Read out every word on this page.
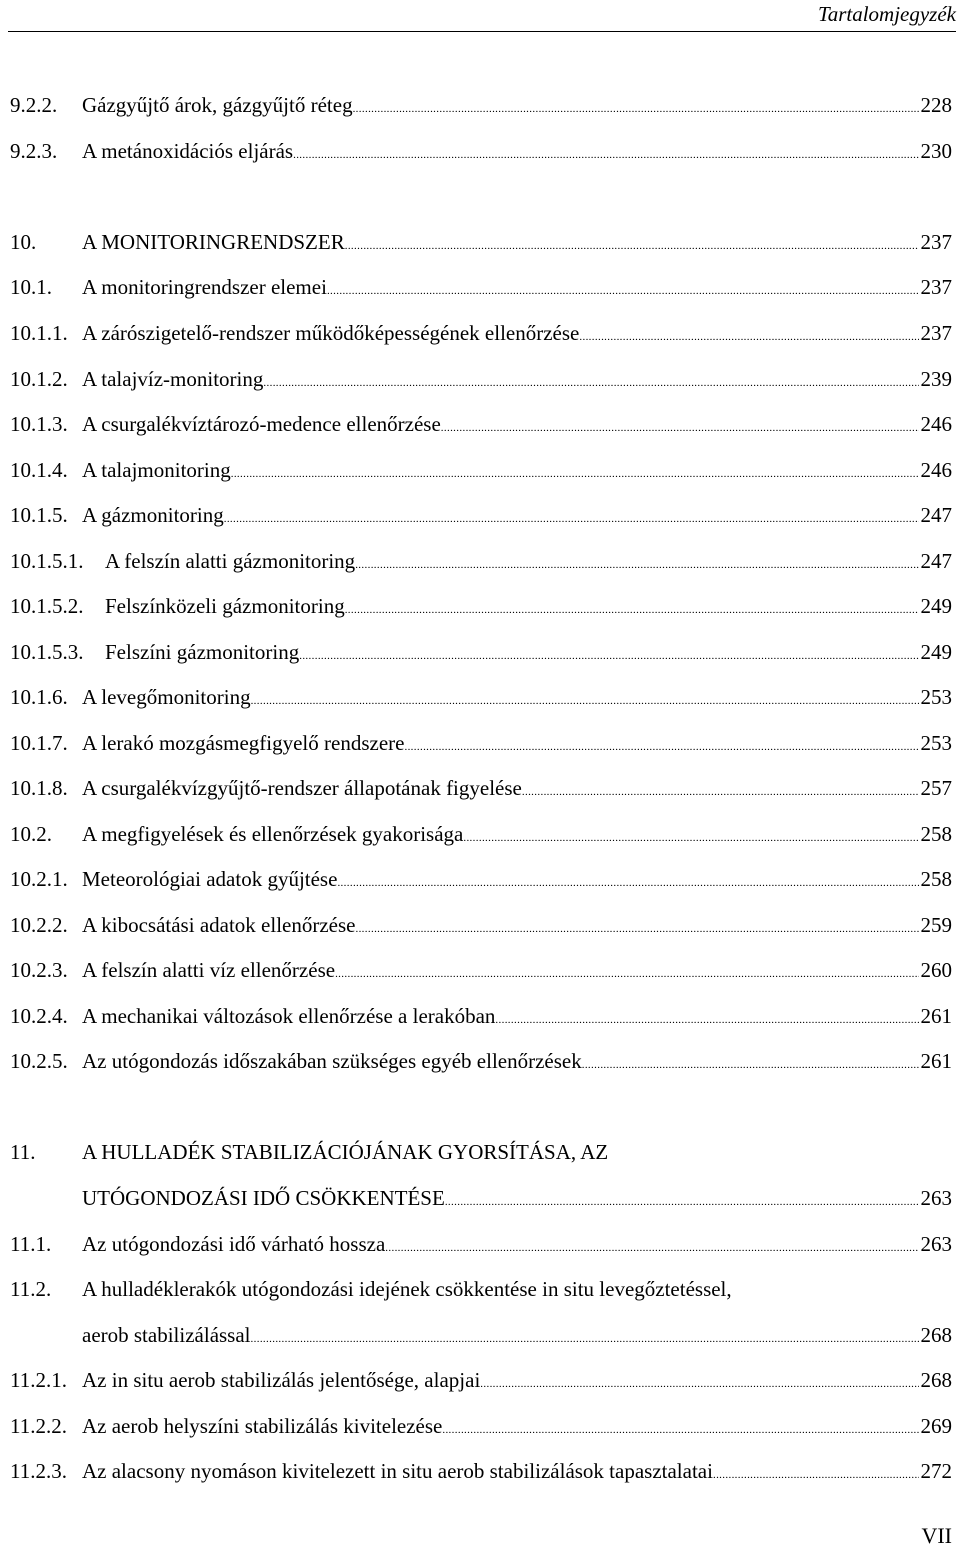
Tartalomjegyzék
9.2.2. Gázgyűjtő árok, gázgyűjtő réteg . . .	228
9.2.3. A metánoxidációs eljárás . . .	230
10. A MONITORINGRENDSZER . . .	237
10.1. A monitoringrendszer elemei . . .	237
10.1.1. A zárószigetelő-rendszer működőképességének ellenőrzése . . .	237
10.1.2. A talajvíz-monitoring . . .	239
10.1.3. A csurgalékvíztározó-medence ellenőrzése . . .	246
10.1.4. A talajmonitoring . . .	246
10.1.5. A gázmonitoring . . .	247
10.1.5.1. A felszín alatti gázmonitoring . . .	247
10.1.5.2. Felszínközeli gázmonitoring . . .	249
10.1.5.3. Felszíni gázmonitoring . . .	249
10.1.6. A levegőmonitoring . . .	253
10.1.7. A lerakó mozgásmegfigyelő rendszere . . .	253
10.1.8. A csurgalékvízgyűjtő-rendszer állapotának figyelése . . .	257
10.2. A megfigyelések és ellenőrzések gyakorisága . . .	258
10.2.1. Meteorológiai adatok gyűjtése . . .	258
10.2.2. A kibocsátási adatok ellenőrzése . . .	259
10.2.3. A felszín alatti víz ellenőrzése . . .	260
10.2.4. A mechanikai változások ellenőrzése a lerakóban . . .	261
10.2.5. Az utógondozás időszakában szükséges egyéb ellenőrzések . . .	261
11. A HULLADÉK STABILIZÁCIÓJÁNAK GYORSÍTÁSA, AZ
UTÓGONDOZÁSI IDŐ CSÖKKENTÉSE . . .	263
11.1. Az utógondozási idő várható hossza . . .	263
11.2. A hulladéklerakók utógondozási idejének csökkentése in situ levegőztetéssel,
aerob stabilizálással . . .	268
11.2.1. Az in situ aerob stabilizálás jelentősége, alapjai . . .	268
11.2.2. Az aerob helyszíni stabilizálás kivitelezése . . .	269
11.2.3. Az alacsony nyomáson kivitelezett in situ aerob stabilizálások tapasztalatai . . .	272
VII
